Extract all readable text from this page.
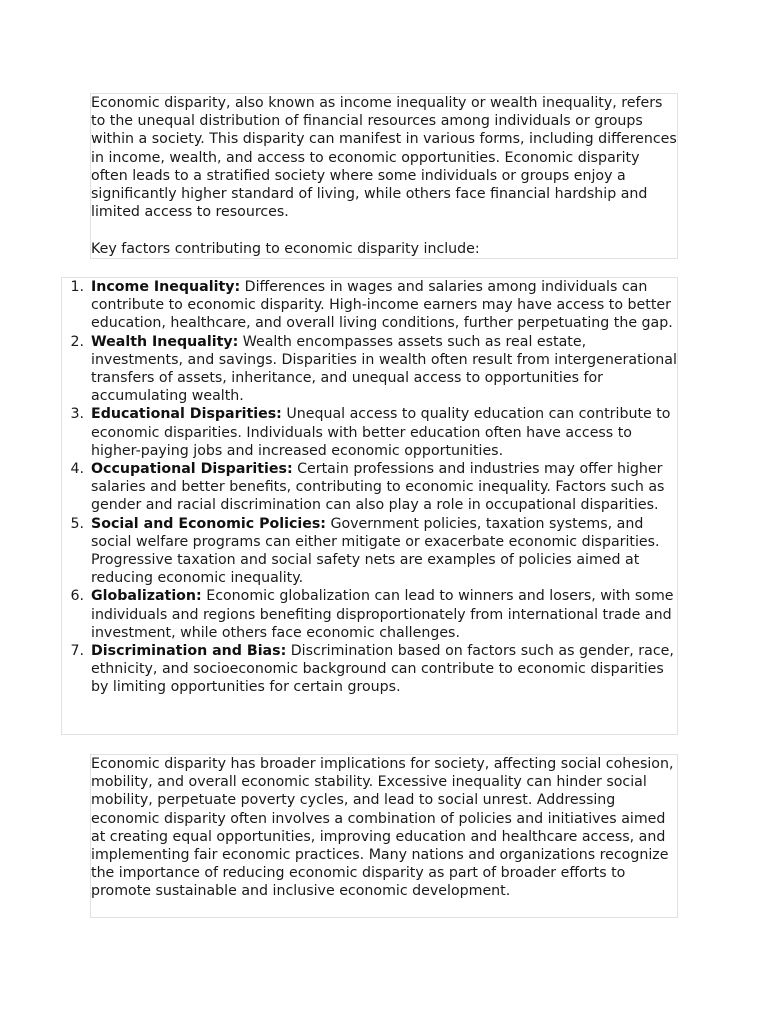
Economic disparity, also known as income inequality or wealth inequality, refers to the unequal distribution of financial resources among individuals or groups within a society. This disparity can manifest in various forms, including differences in income, wealth, and access to economic opportunities. Economic disparity often leads to a stratified society where some individuals or groups enjoy a significantly higher standard of living, while others face financial hardship and limited access to resources.

Key factors contributing to economic disparity include:

1. Income Inequality: Differences in wages and salaries among individuals can contribute to economic disparity. High-income earners may have access to better education, healthcare, and overall living conditions, further perpetuating the gap.
2. Wealth Inequality: Wealth encompasses assets such as real estate, investments, and savings. Disparities in wealth often result from intergenerational transfers of assets, inheritance, and unequal access to opportunities for accumulating wealth.
3. Educational Disparities: Unequal access to quality education can contribute to economic disparities. Individuals with better education often have access to higher-paying jobs and increased economic opportunities.
4. Occupational Disparities: Certain professions and industries may offer higher salaries and better benefits, contributing to economic inequality. Factors such as gender and racial discrimination can also play a role in occupational disparities.
5. Social and Economic Policies: Government policies, taxation systems, and social welfare programs can either mitigate or exacerbate economic disparities. Progressive taxation and social safety nets are examples of policies aimed at reducing economic inequality.
6. Globalization: Economic globalization can lead to winners and losers, with some individuals and regions benefiting disproportionately from international trade and investment, while others face economic challenges.
7. Discrimination and Bias: Discrimination based on factors such as gender, race, ethnicity, and socioeconomic background can contribute to economic disparities by limiting opportunities for certain groups.

Economic disparity has broader implications for society, affecting social cohesion, mobility, and overall economic stability. Excessive inequality can hinder social mobility, perpetuate poverty cycles, and lead to social unrest. Addressing economic disparity often involves a combination of policies and initiatives aimed at creating equal opportunities, improving education and healthcare access, and implementing fair economic practices. Many nations and organizations recognize the importance of reducing economic disparity as part of broader efforts to promote sustainable and inclusive economic development.
